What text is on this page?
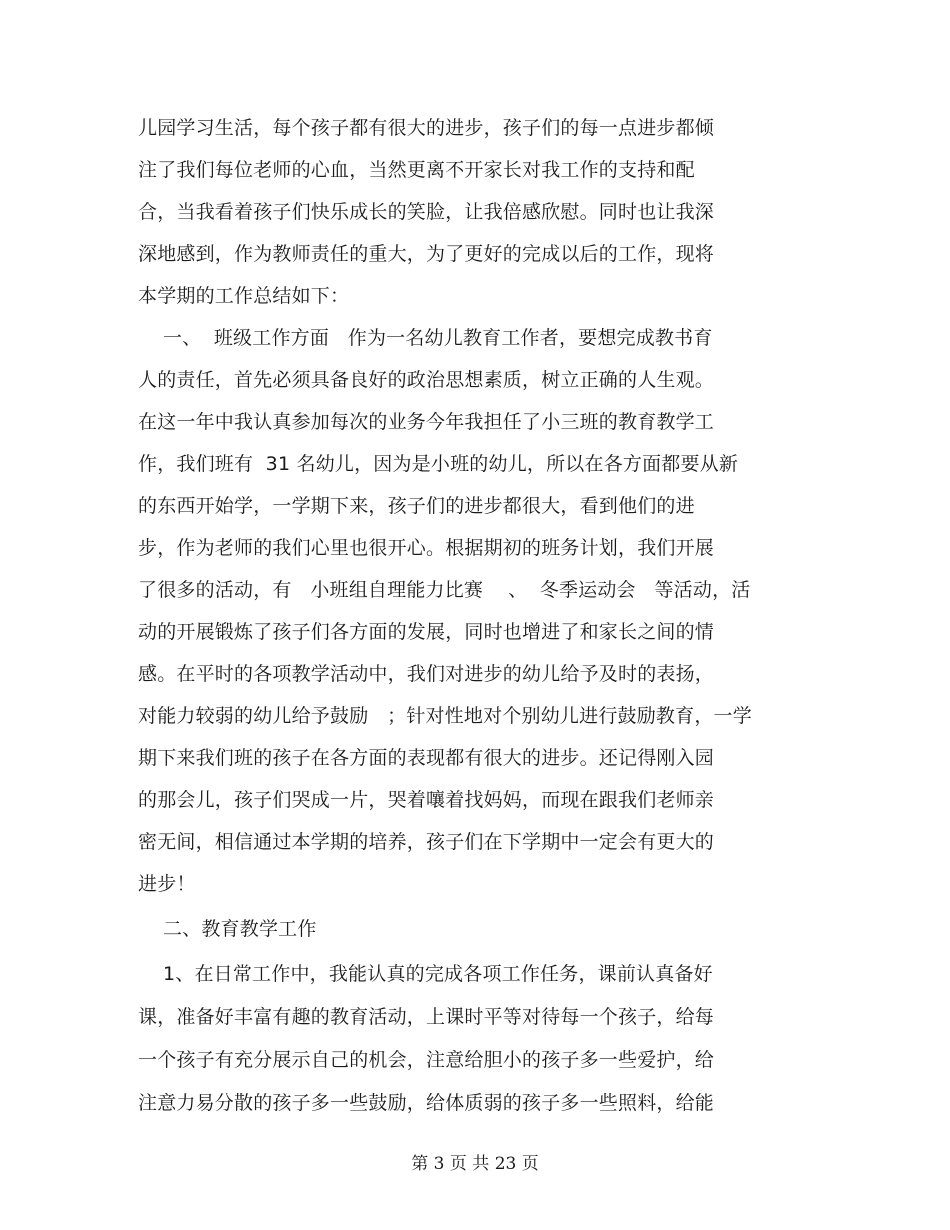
儿园学习生活，每个孩子都有很大的进步，孩子们的每一点进步都倾
注了我们每位老师的心血，当然更离不开家长对我工作的支持和配
合，当我看着孩子们快乐成长的笑脸，让我倍感欣慰。同时也让我深
深地感到，作为教师责任的重大，为了更好的完成以后的工作，现将
本学期的工作总结如下：
一、  班级工作方面   作为一名幼儿教育工作者，要想完成教书育
人的责任，首先必须具备良好的政治思想素质，树立正确的人生观。
在这一年中我认真参加每次的业务今年我担任了小三班的教育教学工
作，我们班有  31 名幼儿，因为是小班的幼儿，所以在各方面都要从新
的东西开始学，一学期下来，孩子们的进步都很大，看到他们的进
步，作为老师的我们心里也很开心。根据期初的班务计划，我们开展
了很多的活动，有   小班组自理能力比赛    、  冬季运动会   等活动，活
动的开展锻炼了孩子们各方面的发展，同时也增进了和家长之间的情
感。在平时的各项教学活动中，我们对进步的幼儿给予及时的表扬，
对能力较弱的幼儿给予鼓励   ；针对性地对个别幼儿进行鼓励教育，一学
期下来我们班的孩子在各方面的表现都有很大的进步。还记得刚入园
的那会儿，孩子们哭成一片，哭着嚷着找妈妈，而现在跟我们老师亲
密无间，相信通过本学期的培养，孩子们在下学期中一定会有更大的
进步！
二、教育教学工作
1、在日常工作中，我能认真的完成各项工作任务，课前认真备好
课，准备好丰富有趣的教育活动，上课时平等对待每一个孩子，给每
一个孩子有充分展示自己的机会，注意给胆小的孩子多一些爱护，给
注意力易分散的孩子多一些鼓励，给体质弱的孩子多一些照料，给能
第 3 页 共 23 页
